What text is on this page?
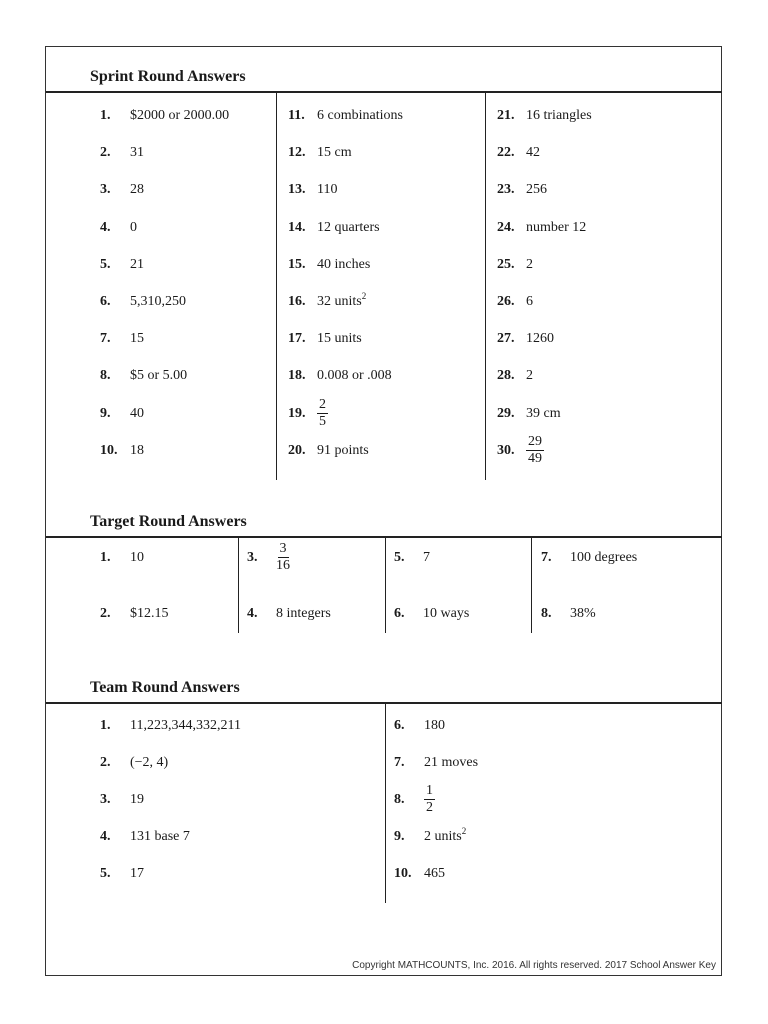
Sprint Round Answers
1. $2000 or 2000.00
2. 31
3. 28
4. 0
5. 21
6. 5,310,250
7. 15
8. $5 or 5.00
9. 40
10. 18
11. 6 combinations
12. 15 cm
13. 110
14. 12 quarters
15. 40 inches
16. 32 units$^2$
17. 15 units
18. 0.008 or .008
19. $\frac{2}{5}$
20. 91 points
21. 16 triangles
22. 42
23. 256
24. number 12
25. 2
26. 6
27. 1260
28. 2
29. 39 cm
30. $\frac{29}{49}$
Target Round Answers
1. 10
2. $12.15
3. $\frac{3}{16}$
4. 8 integers
5. 7
6. 10 ways
7. 100 degrees
8. 38%
Team Round Answers
1. 11,223,344,332,211
2. (−2, 4)
3. 19
4. 131 base 7
5. 17
6. 180
7. 21 moves
8. $\frac{1}{2}$
9. 2 units$^2$
10. 465
Copyright MATHCOUNTS, Inc. 2016. All rights reserved. 2017 School Answer Key
